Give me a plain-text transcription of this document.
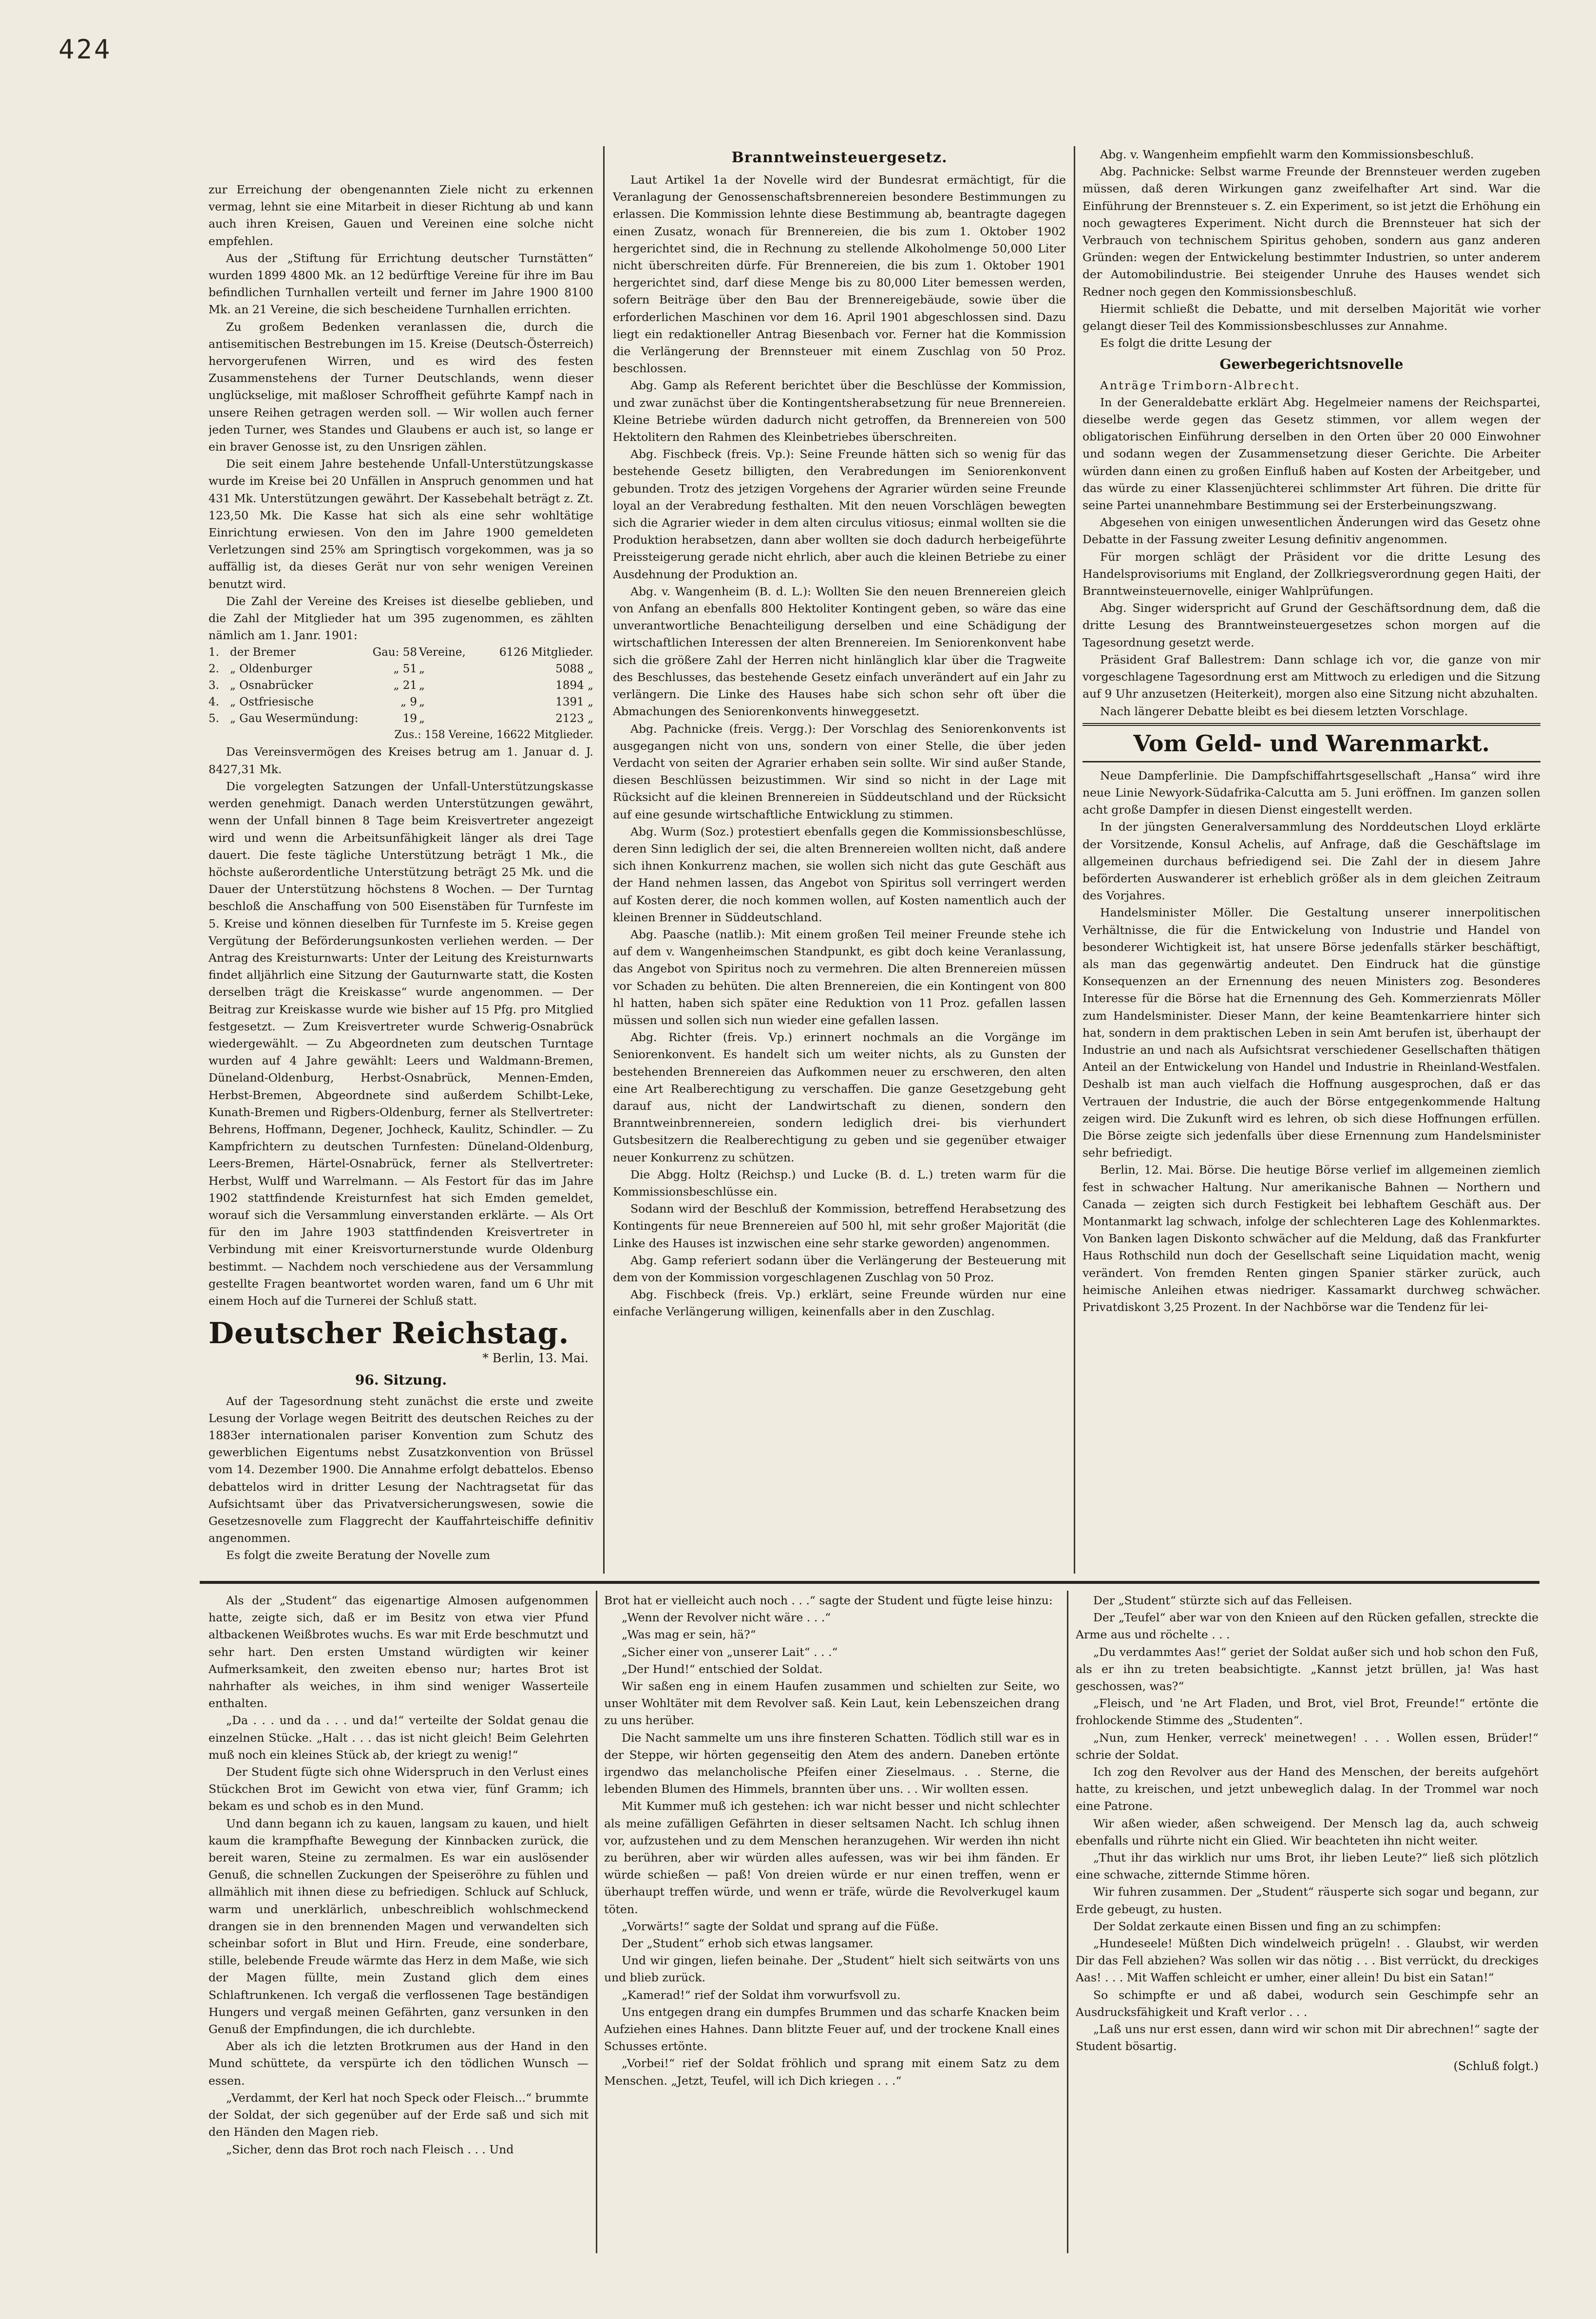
424

zur Erreichung der obengenannten Ziele nicht zu erkennen vermag, lehnt sie eine Mitarbeit in dieser Richtung ab und kann auch ihren Kreisen, Gauen und Vereinen eine solche nicht empfehlen.

Aus der „Stiftung für Errichtung deutscher Turnstätten“ wurden 1899 4800 Mk. an 12 bedürftige Vereine für ihre im Bau befindlichen Turnhallen verteilt und ferner im Jahre 1900 8100 Mk. an 21 Vereine, die sich bescheidene Turnhallen errichten.

Zu großem Bedenken veranlassen die, durch die antisemitischen Bestrebungen im 15. Kreise (Deutsch-Österreich) hervorgerufenen Wirren, und es wird des festen Zusammenstehens der Turner Deutschlands, wenn dieser unglückselige, mit maßloser Schroffheit geführte Kampf nach in unsere Reihen getragen werden soll. — Wir wollen auch ferner jeden Turner, wes Standes und Glaubens er auch ist, so lange er ein braver Genosse ist, zu den Unsrigen zählen.

Die seit einem Jahre bestehende Unfall-Unterstützungskasse wurde im Kreise bei 20 Unfällen in Anspruch genommen und hat 431 Mk. Unterstützungen gewährt. Der Kassebehalt beträgt z. Zt. 123,50 Mk. Die Kasse hat sich als eine sehr wohltätige Einrichtung erwiesen. Von den im Jahre 1900 gemeldeten Verletzungen sind 25% am Springtisch vorgekommen, was ja so auffällig ist, da dieses Gerät nur von sehr wenigen Vereinen benutzt wird.

Die Zahl der Vereine des Kreises ist dieselbe geblieben, und die Zahl der Mitglieder hat um 395 zugenommen, es zählten nämlich am 1. Janr. 1901:

1. der Bremer	Gau: 58 Vereine,	6126 Mitglieder.
2. „ Oldenburger	„ 51 „	5088 „
3. „ Osnabrücker	„ 21 „	1894 „
4. „ Ostfriesische	„ 9 „	1391 „
5. „ Gau Wesermündung:	19 „	2123 „
Zus.: 158 Vereine, 16622 Mitglieder.

Das Vereinsvermögen des Kreises betrug am 1. Januar d. J. 8427,31 Mk.

Die vorgelegten Satzungen der Unfall-Unterstützungskasse werden genehmigt. Danach werden Unterstützungen gewährt, wenn der Unfall binnen 8 Tage beim Kreisvertreter angezeigt wird und wenn die Arbeitsunfähigkeit länger als drei Tage dauert. Die feste tägliche Unterstützung beträgt 1 Mk., die höchste außerordentliche Unterstützung beträgt 25 Mk. und die Dauer der Unterstützung höchstens 8 Wochen. — Der Turntag beschloß die Anschaffung von 500 Eisenstäben für Turnfeste im 5. Kreise und können dieselben für Turnfeste im 5. Kreise gegen Vergütung der Beförderungsunkosten verliehen werden. — Der Antrag des Kreisturnwarts: Unter der Leitung des Kreisturnwarts findet alljährlich eine Sitzung der Gauturnwarte statt, die Kosten derselben trägt die Kreiskasse“ wurde angenommen. — Der Beitrag zur Kreiskasse wurde wie bisher auf 15 Pfg. pro Mitglied festgesetzt. — Zum Kreisvertreter wurde Schwerig-Osnabrück wiedergewählt. — Zu Abgeordneten zum deutschen Turntage wurden auf 4 Jahre gewählt: Leers und Waldmann-Bremen, Düneland-Oldenburg, Herbst-Osnabrück, Mennen-Emden, Herbst-Bremen, Abgeordnete sind außerdem Schilbt-Leke, Kunath-Bremen und Rigbers-Oldenburg, ferner als Stellvertreter: Behrens, Hoffmann, Degener, Jochheck, Kaulitz, Schindler. — Zu Kampfrichtern zu deutschen Turnfesten: Düneland-Oldenburg, Leers-Bremen, Härtel-Osnabrück, ferner als Stellvertreter: Herbst, Wulff und Warrelmann. — Als Festort für das im Jahre 1902 stattfindende Kreisturnfest hat sich Emden gemeldet, worauf sich die Versammlung einverstanden erklärte. — Als Ort für den im Jahre 1903 stattfindenden Kreisvertreter in Verbindung mit einer Kreisvorturnerstunde wurde Oldenburg bestimmt. — Nachdem noch verschiedene aus der Versammlung gestellte Fragen beantwortet worden waren, fand um 6 Uhr mit einem Hoch auf die Turnerei der Schluß statt.

Deutscher Reichstag.
* Berlin, 13. Mai.
96. Sitzung.

Auf der Tagesordnung steht zunächst die erste und zweite Lesung der Vorlage wegen Beitritt des deutschen Reiches zu der 1883er internationalen pariser Konvention zum Schutz des gewerblichen Eigentums nebst Zusatzkonvention von Brüssel vom 14. Dezember 1900. Die Annahme erfolgt debattelos. Ebenso debattelos wird in dritter Lesung der Nachtragsetat für das Aufsichtsamt über das Privatversicherungswesen, sowie die Gesetzesnovelle zum Flaggrecht der Kauffahrteischiffe definitiv angenommen.

Es folgt die zweite Beratung der Novelle zum

Branntweinsteuergesetz.

Laut Artikel 1a der Novelle wird der Bundesrat ermächtigt, für die Veranlagung der Genossenschaftsbrennereien besondere Bestimmungen zu erlassen. Die Kommission lehnte diese Bestimmung ab, beantragte dagegen einen Zusatz, wonach für Brennereien, die bis zum 1. Oktober 1902 hergerichtet sind, die in Rechnung zu stellende Alkoholmenge 50,000 Liter nicht überschreiten dürfe. Für Brennereien, die bis zum 1. Oktober 1901 hergerichtet sind, darf diese Menge bis zu 80,000 Liter bemessen werden, sofern Beiträge über den Bau der Brennereigebäude, sowie über die erforderlichen Maschinen vor dem 16. April 1901 abgeschlossen sind. Dazu liegt ein redaktioneller Antrag Biesenbach vor. Ferner hat die Kommission die Verlängerung der Brennsteuer mit einem Zuschlag von 50 Proz. beschlossen.

Abg. Gamp als Referent berichtet über die Beschlüsse der Kommission, und zwar zunächst über die Kontingentsherabsetzung für neue Brennereien. Kleine Betriebe würden dadurch nicht getroffen, da Brennereien von 500 Hektolitern den Rahmen des Kleinbetriebes überschreiten.

Abg. Fischbeck (freis. Vp.): Seine Freunde hätten sich so wenig für das bestehende Gesetz billigten, den Verabredungen im Seniorenkonvent gebunden. Trotz des jetzigen Vorgehens der Agrarier würden seine Freunde loyal an der Verabredung festhalten. Mit den neuen Vorschlägen bewegten sich die Agrarier wieder in dem alten circulus vitiosus; einmal wollten sie die Produktion herabsetzen, dann aber wollten sie doch dadurch herbeigeführte Preissteigerung gerade nicht ehrlich, aber auch die kleinen Betriebe zu einer Ausdehnung der Produktion an.

Abg. v. Wangenheim (B. d. L.): Wollten Sie den neuen Brennereien gleich von Anfang an ebenfalls 800 Hektoliter Kontingent geben, so wäre das eine unverantwortliche Benachteiligung derselben und eine Schädigung der wirtschaftlichen Interessen der alten Brennereien. Im Seniorenkonvent habe sich die größere Zahl der Herren nicht hinlänglich klar über die Tragweite des Beschlusses, das bestehende Gesetz einfach unverändert auf ein Jahr zu verlängern. Die Linke des Hauses habe sich schon sehr oft über die Abmachungen des Seniorenkonvents hinweggesetzt.

Abg. Pachnicke (freis. Vergg.): Der Vorschlag des Seniorenkonvents ist ausgegangen nicht von uns, sondern von einer Stelle, die über jeden Verdacht von seiten der Agrarier erhaben sein sollte. Wir sind außer Stande, diesen Beschlüssen beizustimmen. Wir sind so nicht in der Lage mit Rücksicht auf die kleinen Brennereien in Süddeutschland und der Rücksicht auf eine gesunde wirtschaftliche Entwicklung zu stimmen.

Abg. Wurm (Soz.) protestiert ebenfalls gegen die Kommissionsbeschlüsse, deren Sinn lediglich der sei, die alten Brennereien wollten nicht, daß andere sich ihnen Konkurrenz machen, sie wollen sich nicht das gute Geschäft aus der Hand nehmen lassen, das Angebot von Spiritus soll verringert werden auf Kosten derer, die noch kommen wollen, auf Kosten namentlich auch der kleinen Brenner in Süddeutschland.

Abg. Paasche (natlib.): Mit einem großen Teil meiner Freunde stehe ich auf dem v. Wangenheimschen Standpunkt, es gibt doch keine Veranlassung, das Angebot von Spiritus noch zu vermehren. Die alten Brennereien müssen vor Schaden zu behüten. Die alten Brennereien, die ein Kontingent von 800 hl hatten, haben sich später eine Reduktion von 11 Proz. gefallen lassen müssen und sollen sich nun wieder eine gefallen lassen.

Abg. Richter (freis. Vp.) erinnert nochmals an die Vorgänge im Seniorenkonvent. Es handelt sich um weiter nichts, als zu Gunsten der bestehenden Brennereien das Aufkommen neuer zu erschweren, den alten eine Art Realberechtigung zu verschaffen. Die ganze Gesetzgebung geht darauf aus, nicht der Landwirtschaft zu dienen, sondern den Branntweinbrennereien, sondern lediglich drei- bis vierhundert Gutsbesitzern die Realberechtigung zu geben und sie gegenüber etwaiger neuer Konkurrenz zu schützen.

Die Abgg. Holtz (Reichsp.) und Lucke (B. d. L.) treten warm für die Kommissionsbeschlüsse ein.

Sodann wird der Beschluß der Kommission, betreffend Herabsetzung des Kontingents für neue Brennereien auf 500 hl, mit sehr großer Majorität (die Linke des Hauses ist inzwischen eine sehr starke geworden) angenommen.

Abg. Gamp referiert sodann über die Verlängerung der Besteuerung mit dem von der Kommission vorgeschlagenen Zuschlag von 50 Proz.

Abg. Fischbeck (freis. Vp.) erklärt, seine Freunde würden nur eine einfache Verlängerung willigen, keinenfalls aber in den Zuschlag.

Abg. v. Wangenheim empfiehlt warm den Kommissionsbeschluß.

Abg. Pachnicke: Selbst warme Freunde der Brennsteuer werden zugeben müssen, daß deren Wirkungen ganz zweifelhafter Art sind. War die Einführung der Brennsteuer s. Z. ein Experiment, so ist jetzt die Erhöhung ein noch gewagteres Experiment. Nicht durch die Brennsteuer hat sich der Verbrauch von technischem Spiritus gehoben, sondern aus ganz anderen Gründen: wegen der Entwickelung bestimmter Industrien, so unter anderem der Automobilindustrie. Bei steigender Unruhe des Hauses wendet sich Redner noch gegen den Kommissionsbeschluß.

Hiermit schließt die Debatte, und mit derselben Majorität wie vorher gelangt dieser Teil des Kommissionsbeschlusses zur Annahme.

Es folgt die dritte Lesung der

Gewerbegerichtsnovelle

Anträge Trimborn-Albrecht.

In der Generaldebatte erklärt Abg. Hegelmeier namens der Reichspartei, dieselbe werde gegen das Gesetz stimmen, vor allem wegen der obligatorischen Einführung derselben in den Orten über 20 000 Einwohner und sodann wegen der Zusammensetzung dieser Gerichte. Die Arbeiter würden dann einen zu großen Einfluß haben auf Kosten der Arbeitgeber, und das würde zu einer Klassenjüchterei schlimmster Art führen. Die dritte für seine Partei unannehmbare Bestimmung sei der Ersterbeinungszwang.

Abgesehen von einigen unwesentlichen Änderungen wird das Gesetz ohne Debatte in der Fassung zweiter Lesung definitiv angenommen.

Für morgen schlägt der Präsident vor die dritte Lesung des Handelsprovisoriums mit England, der Zollkriegsverordnung gegen Haiti, der Branntweinsteuernovelle, einiger Wahlprüfungen.

Abg. Singer widerspricht auf Grund der Geschäftsordnung dem, daß die dritte Lesung des Branntweinsteuergesetzes schon morgen auf die Tagesordnung gesetzt werde.

Präsident Graf Ballestrem: Dann schlage ich vor, die ganze von mir vorgeschlagene Tagesordnung erst am Mittwoch zu erledigen und die Sitzung auf 9 Uhr anzusetzen (Heiterkeit), morgen also eine Sitzung nicht abzuhalten.

Nach längerer Debatte bleibt es bei diesem letzten Vorschlage.

Vom Geld- und Warenmarkt.

Neue Dampferlinie. Die Dampfschiffahrtsgesellschaft „Hansa“ wird ihre neue Linie Newyork-Südafrika-Calcutta am 5. Juni eröffnen. Im ganzen sollen acht große Dampfer in diesen Dienst eingestellt werden.

In der jüngsten Generalversammlung des Norddeutschen Lloyd erklärte der Vorsitzende, Konsul Achelis, auf Anfrage, daß die Geschäftslage im allgemeinen durchaus befriedigend sei. Die Zahl der in diesem Jahre beförderten Auswanderer ist erheblich größer als in dem gleichen Zeitraum des Vorjahres.

Handelsminister Möller. Die Gestaltung unserer innerpolitischen Verhältnisse, die für die Entwickelung von Industrie und Handel von besonderer Wichtigkeit ist, hat unsere Börse jedenfalls stärker beschäftigt, als man das gegenwärtig andeutet. Den Eindruck hat die günstige Konsequenzen an der Ernennung des neuen Ministers zog. Besonderes Interesse für die Börse hat die Ernennung des Geh. Kommerzienrats Möller zum Handelsminister. Dieser Mann, der keine Beamtenkarriere hinter sich hat, sondern in dem praktischen Leben in sein Amt berufen ist, überhaupt der Industrie an und nach als Aufsichtsrat verschiedener Gesellschaften thätigen Anteil an der Entwickelung von Handel und Industrie in Rheinland-Westfalen. Deshalb ist man auch vielfach die Hoffnung ausgesprochen, daß er das Vertrauen der Industrie, die auch der Börse entgegenkommende Haltung zeigen wird. Die Zukunft wird es lehren, ob sich diese Hoffnungen erfüllen. Die Börse zeigte sich jedenfalls über diese Ernennung zum Handelsminister sehr befriedigt.

Berlin, 12. Mai. Börse. Die heutige Börse verlief im allgemeinen ziemlich fest in schwacher Haltung. Nur amerikanische Bahnen — Northern und Canada — zeigten sich durch Festigkeit bei lebhaftem Geschäft aus. Der Montanmarkt lag schwach, infolge der schlechteren Lage des Kohlenmarktes. Von Banken lagen Diskonto schwächer auf die Meldung, daß das Frankfurter Haus Rothschild nun doch der Gesellschaft seine Liquidation macht, wenig verändert. Von fremden Renten gingen Spanier stärker zurück, auch heimische Anleihen etwas niedriger. Kassamarkt durchweg schwächer. Privatdiskont 3,25 Prozent. In der Nachbörse war die Tendenz für lei-

Als der „Student“ das eigenartige Almosen aufgenommen hatte, zeigte sich, daß er im Besitz von etwa vier Pfund altbackenen Weißbrotes wuchs. Es war mit Erde beschmutzt und sehr hart. Den ersten Umstand würdigten wir keiner Aufmerksamkeit, den zweiten ebenso nur; hartes Brot ist nahrhafter als weiches, in ihm sind weniger Wasserteile enthalten.

„Da . . . und da . . . und da!“ verteilte der Soldat genau die einzelnen Stücke. „Halt . . . das ist nicht gleich! Beim Gelehrten muß noch ein kleines Stück ab, der kriegt zu wenig!“

Der Student fügte sich ohne Widerspruch in den Verlust eines Stückchen Brot im Gewicht von etwa vier, fünf Gramm; ich bekam es und schob es in den Mund.

Und dann begann ich zu kauen, langsam zu kauen, und hielt kaum die krampfhafte Bewegung der Kinnbacken zurück, die bereit waren, Steine zu zermalmen. Es war ein auslösender Genuß, die schnellen Zuckungen der Speiseröhre zu fühlen und allmählich mit ihnen diese zu befriedigen. Schluck auf Schluck, warm und unerklärlich, unbeschreiblich wohlschmeckend drangen sie in den brennenden Magen und verwandelten sich scheinbar sofort in Blut und Hirn. Freude, eine sonderbare, stille, belebende Freude wärmte das Herz in dem Maße, wie sich der Magen füllte, mein Zustand glich dem eines Schlaftrunkenen. Ich vergaß die verflossenen Tage beständigen Hungers und vergaß meinen Gefährten, ganz versunken in den Genuß der Empfindungen, die ich durchlebte.

Aber als ich die letzten Brotkrumen aus der Hand in den Mund schüttete, da verspürte ich den tödlichen Wunsch — essen.

„Verdammt, der Kerl hat noch Speck oder Fleisch...“ brummte der Soldat, der sich gegenüber auf der Erde saß und sich mit den Händen den Magen rieb.

„Sicher, denn das Brot roch nach Fleisch . . . Und

Brot hat er vielleicht auch noch . . .“ sagte der Student und fügte leise hinzu:

„Wenn der Revolver nicht wäre . . .“

„Was mag er sein, hä?“

„Sicher einer von „unserer Lait“ . . .“

„Der Hund!“ entschied der Soldat.

Wir saßen eng in einem Haufen zusammen und schielten zur Seite, wo unser Wohltäter mit dem Revolver saß. Kein Laut, kein Lebenszeichen drang zu uns herüber.

Die Nacht sammelte um uns ihre finsteren Schatten. Tödlich still war es in der Steppe, wir hörten gegenseitig den Atem des andern. Daneben ertönte irgendwo das melancholische Pfeifen einer Zieselmaus. . . Sterne, die lebenden Blumen des Himmels, brannten über uns. . . Wir wollten essen.

Mit Kummer muß ich gestehen: ich war nicht besser und nicht schlechter als meine zufälligen Gefährten in dieser seltsamen Nacht. Ich schlug ihnen vor, aufzustehen und zu dem Menschen heranzugehen. Wir werden ihn nicht zu berühren, aber wir würden alles aufessen, was wir bei ihm fänden. Er würde schießen — paß! Von dreien würde er nur einen treffen, wenn er überhaupt treffen würde, und wenn er träfe, würde die Revolverkugel kaum töten.

„Vorwärts!“ sagte der Soldat und sprang auf die Füße.

Der „Student“ erhob sich etwas langsamer.

Und wir gingen, liefen beinahe. Der „Student“ hielt sich seitwärts von uns und blieb zurück.

„Kamerad!“ rief der Soldat ihm vorwurfsvoll zu.

Uns entgegen drang ein dumpfes Brummen und das scharfe Knacken beim Aufziehen eines Hahnes. Dann blitzte Feuer auf, und der trockene Knall eines Schusses ertönte.

„Vorbei!“ rief der Soldat fröhlich und sprang mit einem Satz zu dem Menschen. „Jetzt, Teufel, will ich Dich kriegen . . .“

Der „Student“ stürzte sich auf das Felleisen.

Der „Teufel“ aber war von den Knieen auf den Rücken gefallen, streckte die Arme aus und röchelte . . .

„Du verdammtes Aas!“ geriet der Soldat außer sich und hob schon den Fuß, als er ihn zu treten beabsichtigte. „Kannst jetzt brüllen, ja! Was hast geschossen, was?“

„Fleisch, und 'ne Art Fladen, und Brot, viel Brot, Freunde!“ ertönte die frohlockende Stimme des „Studenten“.

„Nun, zum Henker, verreck' meinetwegen! . . . Wollen essen, Brüder!“ schrie der Soldat.

Ich zog den Revolver aus der Hand des Menschen, der bereits aufgehört hatte, zu kreischen, und jetzt unbeweglich dalag. In der Trommel war noch eine Patrone.

Wir aßen wieder, aßen schweigend. Der Mensch lag da, auch schweig ebenfalls und rührte nicht ein Glied. Wir beachteten ihn nicht weiter.

„Thut ihr das wirklich nur ums Brot, ihr lieben Leute?“ ließ sich plötzlich eine schwache, zitternde Stimme hören.

Wir fuhren zusammen. Der „Student“ räusperte sich sogar und begann, zur Erde gebeugt, zu husten.

Der Soldat zerkaute einen Bissen und fing an zu schimpfen:

„Hundeseele! Müßten Dich windelweich prügeln! . . Glaubst, wir werden Dir das Fell abziehen? Was sollen wir das nötig . . . Bist verrückt, du dreckiges Aas! . . . Mit Waffen schleicht er umher, einer allein! Du bist ein Satan!“

So schimpfte er und aß dabei, wodurch sein Geschimpfe sehr an Ausdrucksfähigkeit und Kraft verlor . . .

„Laß uns nur erst essen, dann wird wir schon mit Dir abrechnen!“ sagte der Student bösartig.

(Schluß folgt.)
